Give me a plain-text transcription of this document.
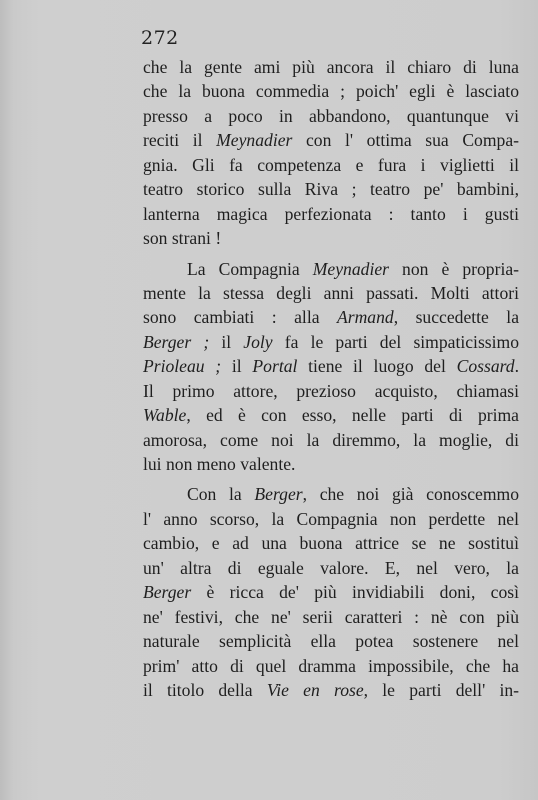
272
che la gente ami più ancora il chiaro di luna
che la buona commedia ; poich' egli è lasciato
presso a poco in abbandono, quantunque vi
reciti il Meynadier con l' ottima sua Compa-
gnia. Gli fa competenza e fura i viglietti il
teatro storico sulla Riva ; teatro pe' bambini,
lanterna magica perfezionata : tanto i gusti
son strani !
La Compagnia Meynadier non è propria-
mente la stessa degli anni passati. Molti attori
sono cambiati : alla Armand, succedette la
Berger ; il Joly fa le parti del simpaticissimo
Prioleau ; il Portal tiene il luogo del Cossard.
Il primo attore, prezioso acquisto, chiamasi
Wable, ed è con esso, nelle parti di prima
amorosa, come noi la diremmo, la moglie, di
lui non meno valente.
Con la Berger, che noi già conoscemmo
l' anno scorso, la Compagnia non perdette nel
cambio, e ad una buona attrice se ne sostituì
un' altra di eguale valore. E, nel vero, la
Berger è ricca de' più invidiabili doni, così
ne' festivi, che ne' serii caratteri : nè con più
naturale semplicità ella potea sostenere nel
prim' atto di quel dramma impossibile, che ha
il titolo della Vie en rose, le parti dell' in-
